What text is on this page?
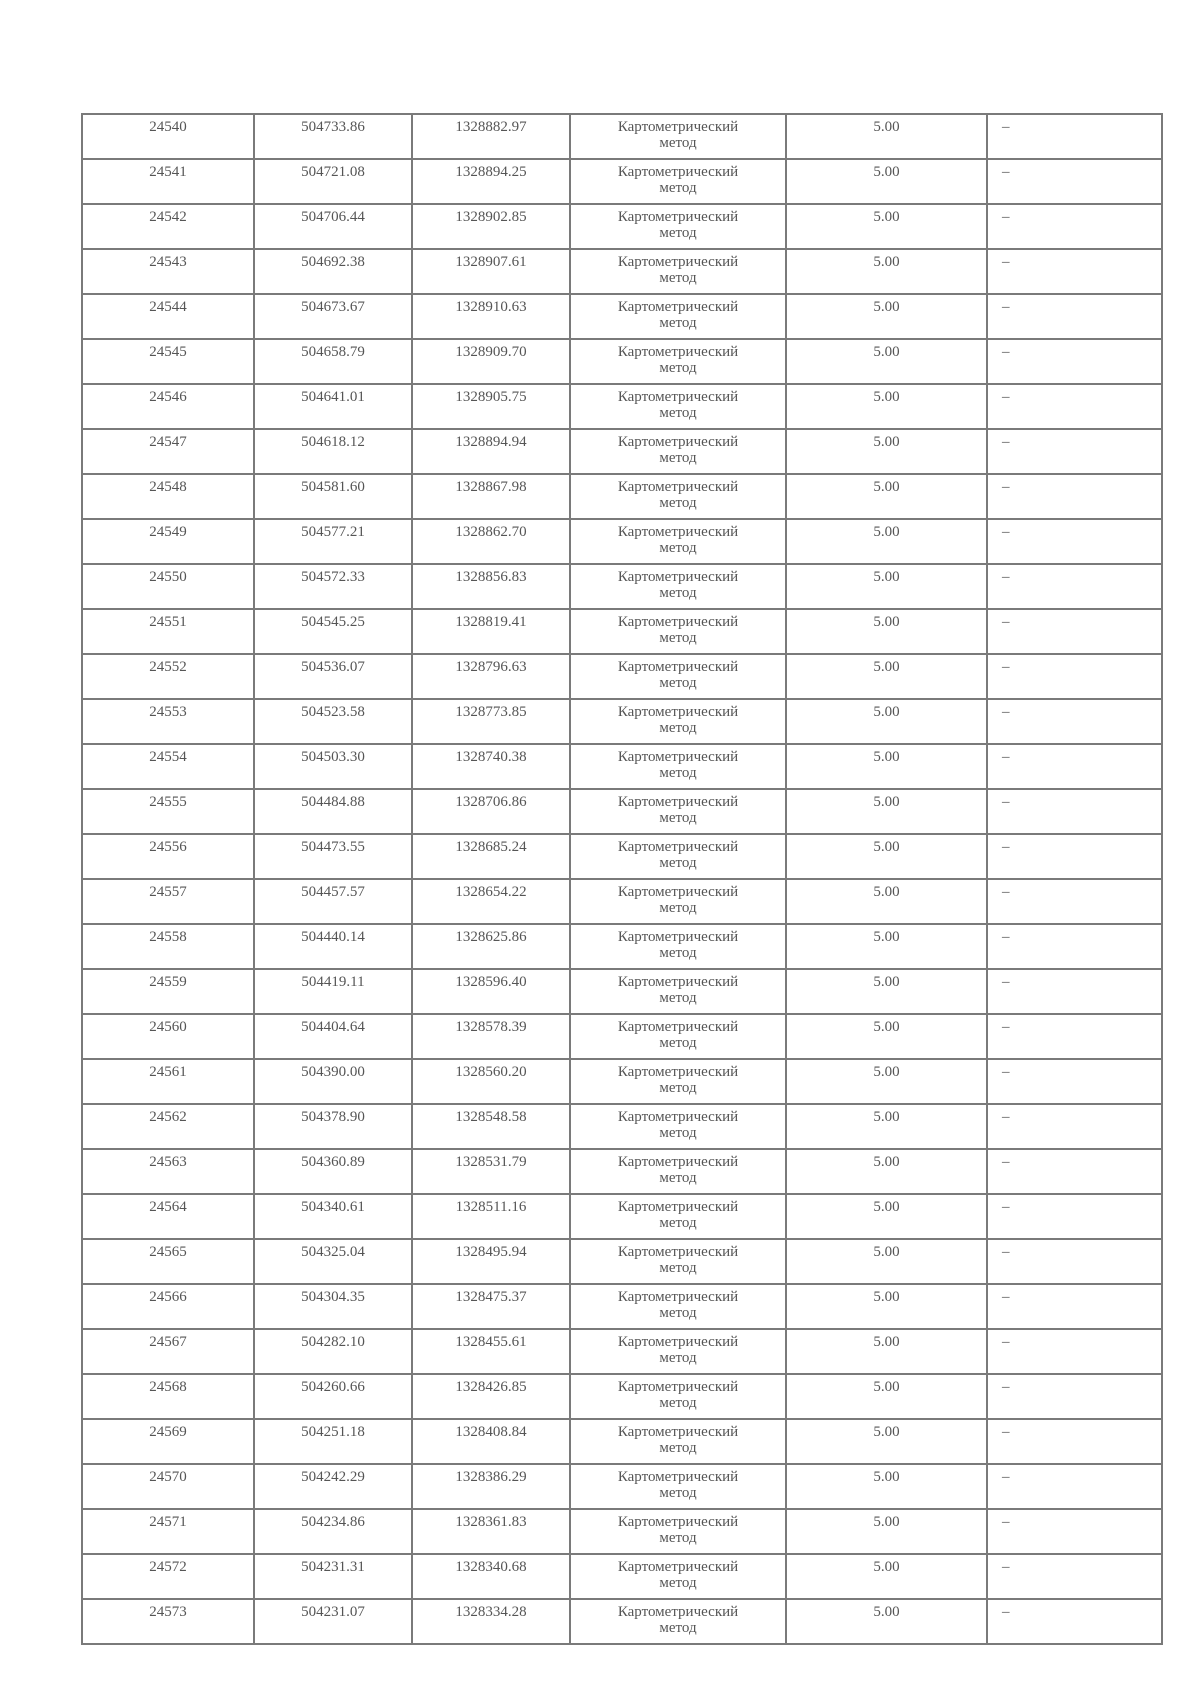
24540	504733.86	1328882.97	Картометрический
метод	5.00	–
24541	504721.08	1328894.25	Картометрический
метод	5.00	–
24542	504706.44	1328902.85	Картометрический
метод	5.00	–
24543	504692.38	1328907.61	Картометрический
метод	5.00	–
24544	504673.67	1328910.63	Картометрический
метод	5.00	–
24545	504658.79	1328909.70	Картометрический
метод	5.00	–
24546	504641.01	1328905.75	Картометрический
метод	5.00	–
24547	504618.12	1328894.94	Картометрический
метод	5.00	–
24548	504581.60	1328867.98	Картометрический
метод	5.00	–
24549	504577.21	1328862.70	Картометрический
метод	5.00	–
24550	504572.33	1328856.83	Картометрический
метод	5.00	–
24551	504545.25	1328819.41	Картометрический
метод	5.00	–
24552	504536.07	1328796.63	Картометрический
метод	5.00	–
24553	504523.58	1328773.85	Картометрический
метод	5.00	–
24554	504503.30	1328740.38	Картометрический
метод	5.00	–
24555	504484.88	1328706.86	Картометрический
метод	5.00	–
24556	504473.55	1328685.24	Картометрический
метод	5.00	–
24557	504457.57	1328654.22	Картометрический
метод	5.00	–
24558	504440.14	1328625.86	Картометрический
метод	5.00	–
24559	504419.11	1328596.40	Картометрический
метод	5.00	–
24560	504404.64	1328578.39	Картометрический
метод	5.00	–
24561	504390.00	1328560.20	Картометрический
метод	5.00	–
24562	504378.90	1328548.58	Картометрический
метод	5.00	–
24563	504360.89	1328531.79	Картометрический
метод	5.00	–
24564	504340.61	1328511.16	Картометрический
метод	5.00	–
24565	504325.04	1328495.94	Картометрический
метод	5.00	–
24566	504304.35	1328475.37	Картометрический
метод	5.00	–
24567	504282.10	1328455.61	Картометрический
метод	5.00	–
24568	504260.66	1328426.85	Картометрический
метод	5.00	–
24569	504251.18	1328408.84	Картометрический
метод	5.00	–
24570	504242.29	1328386.29	Картометрический
метод	5.00	–
24571	504234.86	1328361.83	Картометрический
метод	5.00	–
24572	504231.31	1328340.68	Картометрический
метод	5.00	–
24573	504231.07	1328334.28	Картометрический
метод	5.00	–
